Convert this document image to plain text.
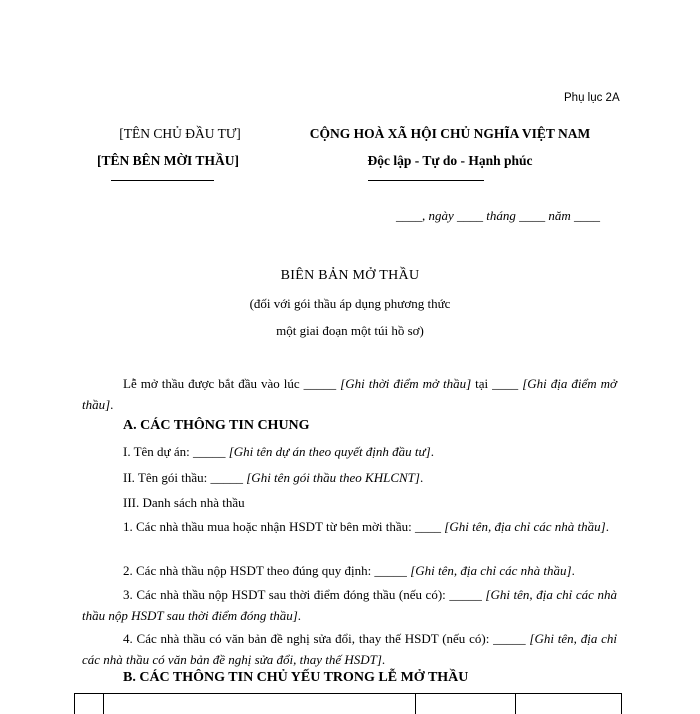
Phụ lục 2A
[TÊN CHỦ ĐẦU TƯ]
[TÊN BÊN MỜI THẦU]
CỘNG HOÀ XÃ HỘI CHỦ NGHĨA VIỆT NAM
Độc lập - Tự do - Hạnh phúc
____, ngày ____ tháng ____ năm ____
BIÊN BẢN MỞ THẦU
(đối với gói thầu áp dụng phương thức
một giai đoạn một túi hồ sơ)
Lễ mở thầu được bắt đầu vào lúc _____ [Ghi thời điểm mở thầu] tại ____ [Ghi địa điểm mở thầu].
A. CÁC THÔNG TIN CHUNG
I. Tên dự án: _____ [Ghi tên dự án theo quyết định đầu tư].
II. Tên gói thầu: _____ [Ghi tên gói thầu theo KHLCNT].
III. Danh sách nhà thầu
1. Các nhà thầu mua hoặc nhận HSDT từ bên mời thầu: ____ [Ghi tên, địa chỉ các nhà thầu].
2. Các nhà thầu nộp HSDT theo đúng quy định: _____ [Ghi tên, địa chỉ các nhà thầu].
3. Các nhà thầu nộp HSDT sau thời điểm đóng thầu (nếu có): _____ [Ghi tên, địa chỉ các nhà thầu nộp HSDT sau thời điểm đóng thầu].
4. Các nhà thầu có văn bản đề nghị sửa đổi, thay thế HSDT (nếu có): _____ [Ghi tên, địa chỉ các nhà thầu có văn bản đề nghị sửa đổi, thay thế HSDT].
B. CÁC THÔNG TIN CHỦ YẾU TRONG LỄ MỞ THẦU
